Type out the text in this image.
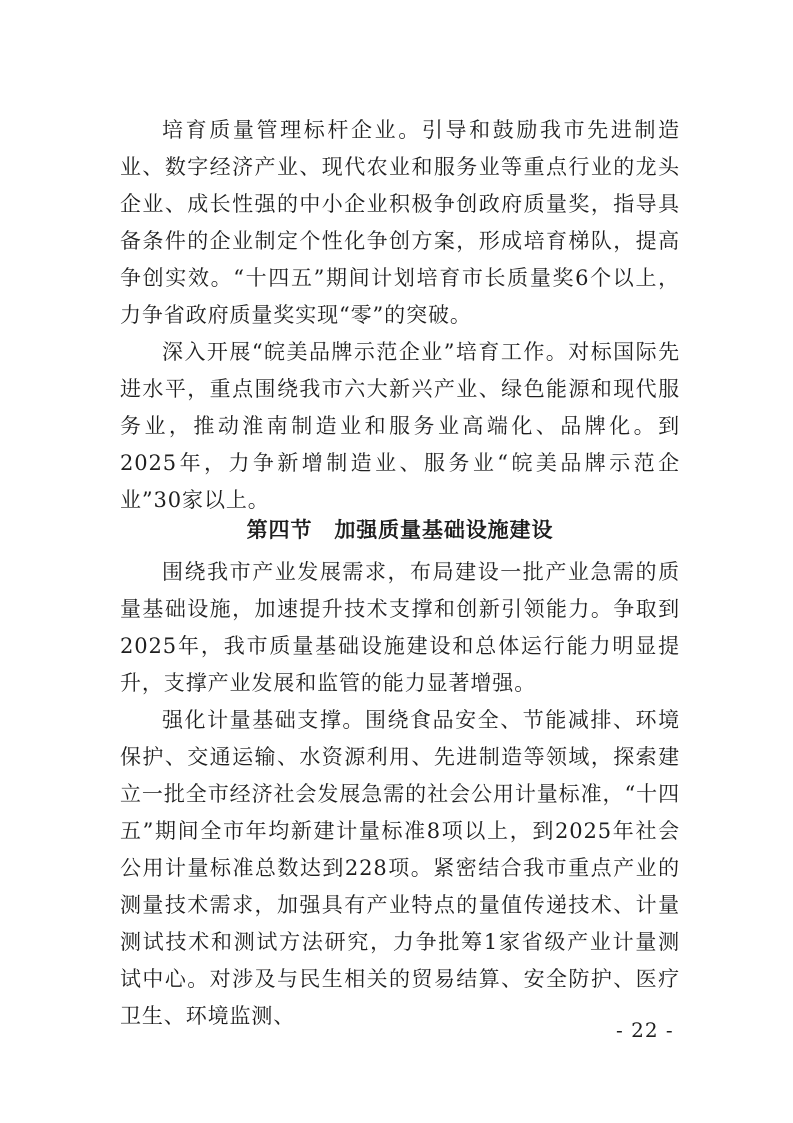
培育质量管理标杆企业。引导和鼓励我市先进制造业、数字经济产业、现代农业和服务业等重点行业的龙头企业、成长性强的中小企业积极争创政府质量奖，指导具备条件的企业制定个性化争创方案，形成培育梯队，提高争创实效。“十四五”期间计划培育市长质量奖6个以上，力争省政府质量奖实现“零”的突破。

深入开展“皖美品牌示范企业”培育工作。对标国际先进水平，重点围绕我市六大新兴产业、绿色能源和现代服务业，推动淮南制造业和服务业高端化、品牌化。到2025年，力争新增制造业、服务业“皖美品牌示范企业”30家以上。

第四节 加强质量基础设施建设

围绕我市产业发展需求，布局建设一批产业急需的质量基础设施，加速提升技术支撑和创新引领能力。争取到2025年，我市质量基础设施建设和总体运行能力明显提升，支撑产业发展和监管的能力显著增强。

强化计量基础支撑。围绕食品安全、节能减排、环境保护、交通运输、水资源利用、先进制造等领域，探索建立一批全市经济社会发展急需的社会公用计量标准，“十四五”期间全市年均新建计量标准8项以上，到2025年社会公用计量标准总数达到228项。紧密结合我市重点产业的测量技术需求，加强具有产业特点的量值传递技术、计量测试技术和测试方法研究，力争批筹1家省级产业计量测试中心。对涉及与民生相关的贸易结算、安全防护、医疗卫生、环境监测、

- 22 -
